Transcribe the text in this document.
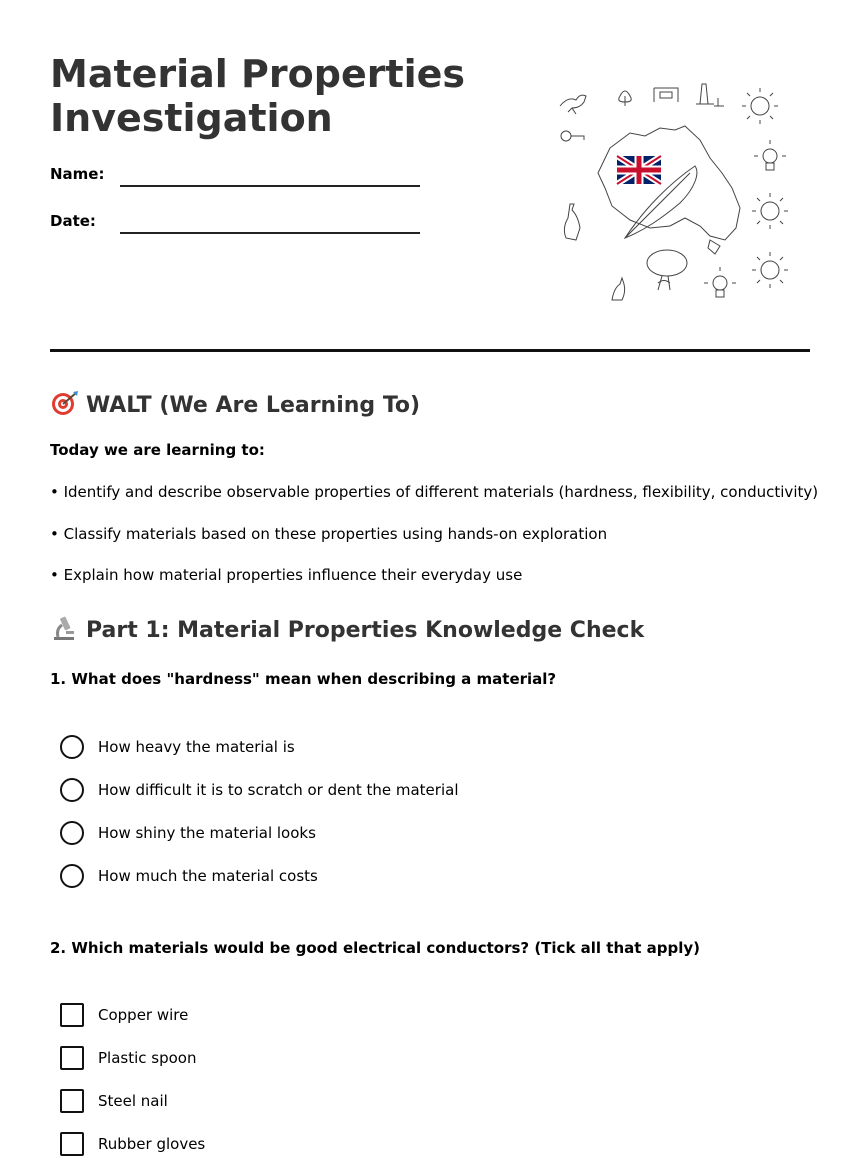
Material Properties
Investigation
Name:
Date:
WALT (We Are Learning To)
Today we are learning to:
• Identify and describe observable properties of different materials (hardness, flexibility, conductivity)
• Classify materials based on these properties using hands-on exploration
• Explain how material properties influence their everyday use
Part 1: Material Properties Knowledge Check
1. What does "hardness" mean when describing a material?
How heavy the material is
How difficult it is to scratch or dent the material
How shiny the material looks
How much the material costs
2. Which materials would be good electrical conductors? (Tick all that apply)
Copper wire
Plastic spoon
Steel nail
Rubber gloves
